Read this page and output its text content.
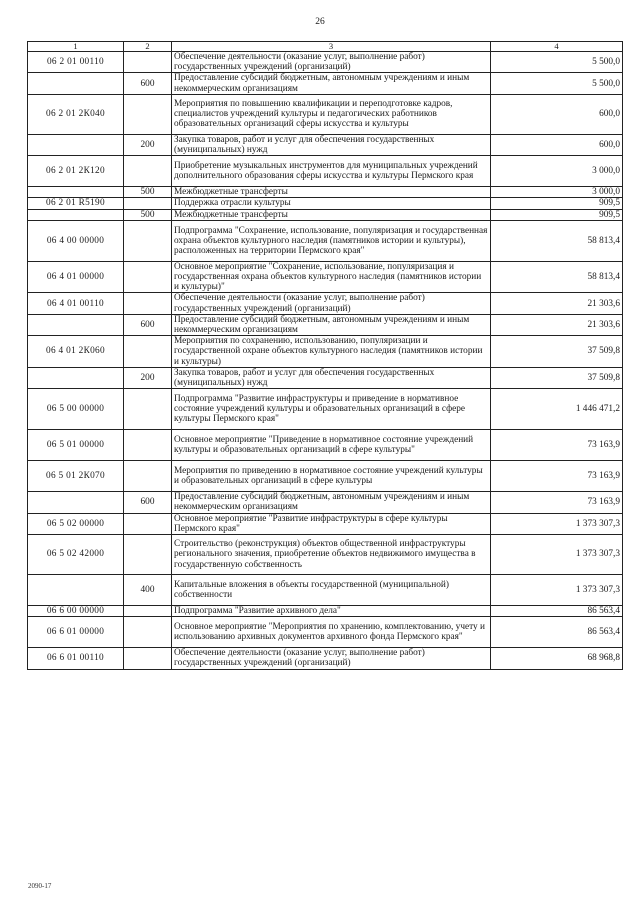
26
1	2	3	4
06 2 01 00110		Обеспечение деятельности (оказание услуг, выполнение работ) государственных учреждений (организаций)	5 500,0
	600	Предоставление субсидий бюджетным, автономным учреждениям и иным некоммерческим организациям	5 500,0
06 2 01 2К040		Мероприятия по повышению квалификации и переподготовке кадров, специалистов учреждений культуры и педагогических работников образовательных организаций сферы искусства и культуры	600,0
	200	Закупка товаров, работ и услуг для обеспечения государственных (муниципальных) нужд	600,0
06 2 01 2К120		Приобретение музыкальных инструментов для муниципальных учреждений дополнительного образования сферы искусства и культуры Пермского края	3 000,0
	500	Межбюджетные трансферты	3 000,0
06 2 01 R5190		Поддержка отрасли культуры	909,5
	500	Межбюджетные трансферты	909,5
06 4 00 00000		Подпрограмма "Сохранение, использование, популяризация и государственная охрана объектов культурного наследия (памятников истории и культуры), расположенных на территории Пермского края"	58 813,4
06 4 01 00000		Основное мероприятие "Сохранение, использование, популяризация и государственная охрана объектов культурного наследия (памятников истории и культуры)"	58 813,4
06 4 01 00110		Обеспечение деятельности (оказание услуг, выполнение работ) государственных учреждений (организаций)	21 303,6
	600	Предоставление субсидий бюджетным, автономным учреждениям и иным некоммерческим организациям	21 303,6
06 4 01 2К060		Мероприятия по сохранению, использованию, популяризации и государственной охране объектов культурного наследия (памятников истории и культуры)	37 509,8
	200	Закупка товаров, работ и услуг для обеспечения государственных (муниципальных) нужд	37 509,8
06 5 00 00000		Подпрограмма "Развитие инфраструктуры и приведение в нормативное состояние учреждений культуры и образовательных организаций в сфере культуры Пермского края"	1 446 471,2
06 5 01 00000		Основное мероприятие "Приведение в нормативное состояние учреждений культуры и образовательных организаций в сфере культуры"	73 163,9
06 5 01 2К070		Мероприятия по приведению в нормативное состояние учреждений культуры и образовательных организаций в сфере культуры	73 163,9
	600	Предоставление субсидий бюджетным, автономным учреждениям и иным некоммерческим организациям	73 163,9
06 5 02 00000		Основное мероприятие "Развитие инфраструктуры в сфере культуры Пермского края"	1 373 307,3
06 5 02 42000		Строительство (реконструкция) объектов общественной инфраструктуры регионального значения, приобретение объектов недвижимого имущества в государственную собственность	1 373 307,3
	400	Капитальные вложения в объекты государственной (муниципальной) собственности	1 373 307,3
06 6 00 00000		Подпрограмма "Развитие архивного дела"	86 563,4
06 6 01 00000		Основное мероприятие "Мероприятия по хранению, комплектованию, учету и использованию архивных документов архивного фонда Пермского края"	86 563,4
06 6 01 00110		Обеспечение деятельности (оказание услуг, выполнение работ) государственных учреждений (организаций)	68 968,8
2090-17
